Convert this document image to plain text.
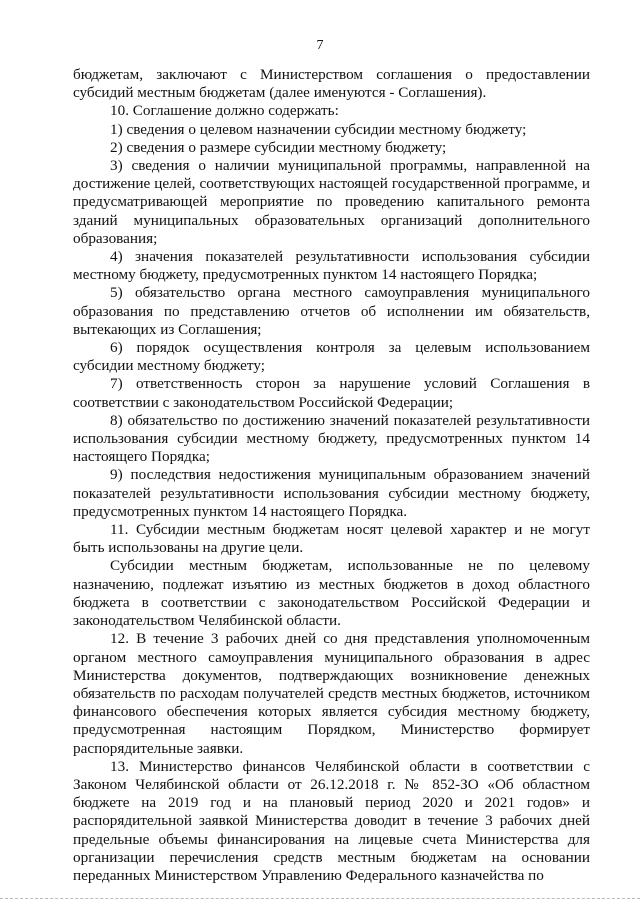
7

бюджетам, заключают с Министерством соглашения о предоставлении субсидий местным бюджетам (далее именуются - Соглашения).

10. Соглашение должно содержать:

1) сведения о целевом назначении субсидии местному бюджету;

2) сведения о размере субсидии местному бюджету;

3) сведения о наличии муниципальной программы, направленной на достижение целей, соответствующих настоящей государственной программе, и предусматривающей мероприятие по проведению капитального ремонта зданий муниципальных образовательных организаций дополнительного образования;

4) значения показателей результативности использования субсидии местному бюджету, предусмотренных пунктом 14 настоящего Порядка;

5) обязательство органа местного самоуправления муниципального образования по представлению отчетов об исполнении им обязательств, вытекающих из Соглашения;

6) порядок осуществления контроля за целевым использованием субсидии местному бюджету;

7) ответственность сторон за нарушение условий Соглашения в соответствии с законодательством Российской Федерации;

8) обязательство по достижению значений показателей результативности использования субсидии местному бюджету, предусмотренных пунктом 14 настоящего Порядка;

9) последствия недостижения муниципальным образованием значений показателей результативности использования субсидии местному бюджету, предусмотренных пунктом 14 настоящего Порядка.

11. Субсидии местным бюджетам носят целевой характер и не могут быть использованы на другие цели.

Субсидии местным бюджетам, использованные не по целевому назначению, подлежат изъятию из местных бюджетов в доход областного бюджета в соответствии с законодательством Российской Федерации и законодательством Челябинской области.

12. В течение 3 рабочих дней со дня представления уполномоченным органом местного самоуправления муниципального образования в адрес Министерства документов, подтверждающих возникновение денежных обязательств по расходам получателей средств местных бюджетов, источником финансового обеспечения которых является субсидия местному бюджету, предусмотренная настоящим Порядком, Министерство формирует распорядительные заявки.

13. Министерство финансов Челябинской области в соответствии с Законом Челябинской области от 26.12.2018 г. № 852-ЗО «Об областном бюджете на 2019 год и на плановый период 2020 и 2021 годов» и распорядительной заявкой Министерства доводит в течение 3 рабочих дней предельные объемы финансирования на лицевые счета Министерства для организации перечисления средств местным бюджетам на основании переданных Министерством Управлению Федерального казначейства по
